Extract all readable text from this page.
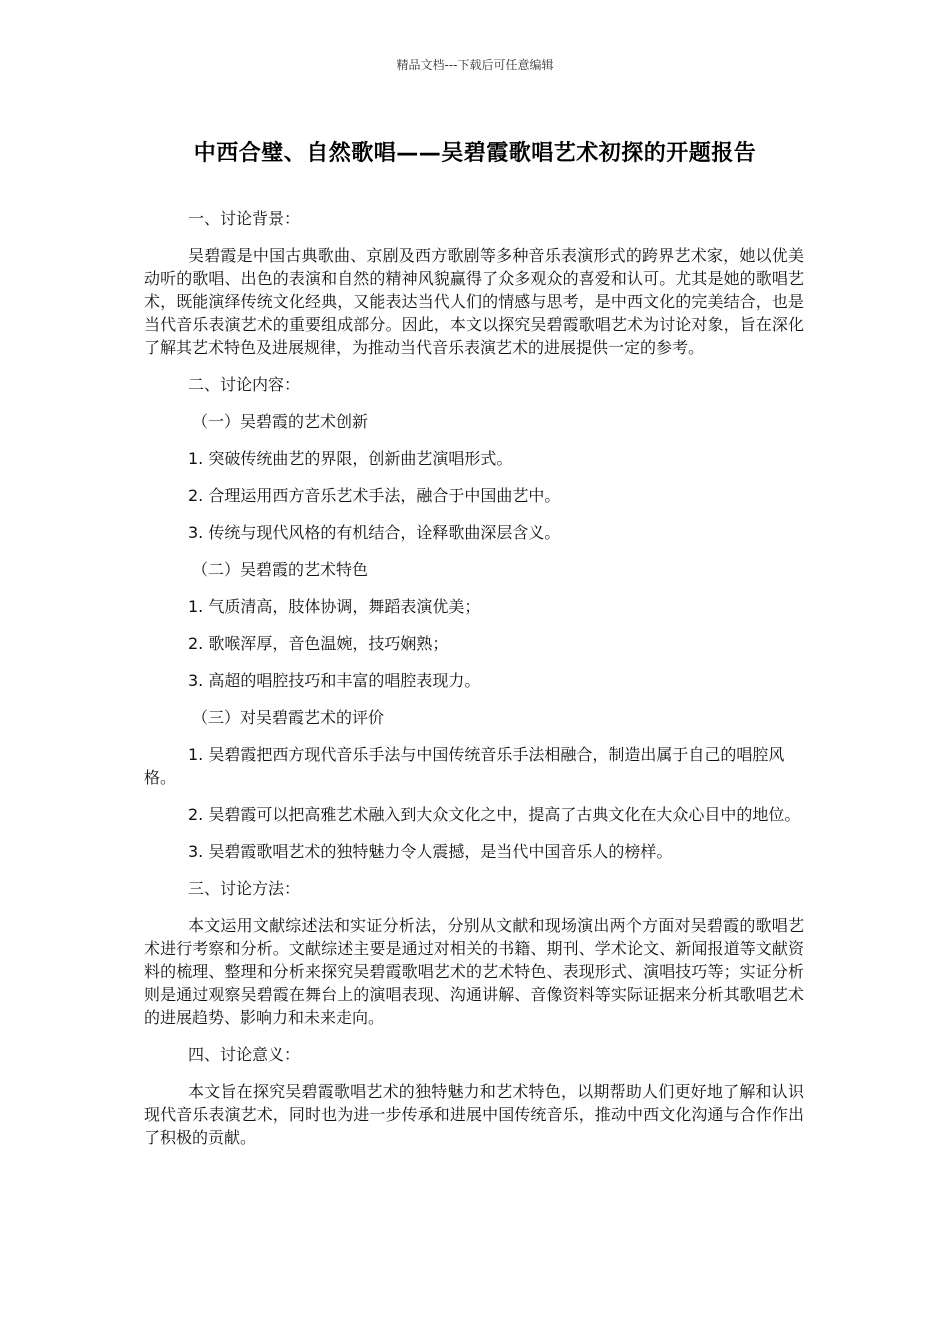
精品文档---下载后可任意编辑
中西合璧、自然歌唱——吴碧霞歌唱艺术初探的开题报告

一、讨论背景：

吴碧霞是中国古典歌曲、京剧及西方歌剧等多种音乐表演形式的跨界艺术家，她以优美动听的歌唱、出色的表演和自然的精神风貌赢得了众多观众的喜爱和认可。尤其是她的歌唱艺术，既能演绎传统文化经典，又能表达当代人们的情感与思考，是中西文化的完美结合，也是当代音乐表演艺术的重要组成部分。因此，本文以探究吴碧霞歌唱艺术为讨论对象，旨在深化了解其艺术特色及进展规律，为推动当代音乐表演艺术的进展提供一定的参考。

二、讨论内容：

（一）吴碧霞的艺术创新

1. 突破传统曲艺的界限，创新曲艺演唱形式。

2. 合理运用西方音乐艺术手法，融合于中国曲艺中。

3. 传统与现代风格的有机结合，诠释歌曲深层含义。

（二）吴碧霞的艺术特色

1. 气质清高，肢体协调，舞蹈表演优美；

2. 歌喉浑厚，音色温婉，技巧娴熟；

3. 高超的唱腔技巧和丰富的唱腔表现力。

（三）对吴碧霞艺术的评价

1. 吴碧霞把西方现代音乐手法与中国传统音乐手法相融合，制造出属于自己的唱腔风格。

2. 吴碧霞可以把高雅艺术融入到大众文化之中，提高了古典文化在大众心目中的地位。

3. 吴碧霞歌唱艺术的独特魅力令人震撼，是当代中国音乐人的榜样。

三、讨论方法：

本文运用文献综述法和实证分析法，分别从文献和现场演出两个方面对吴碧霞的歌唱艺术进行考察和分析。文献综述主要是通过对相关的书籍、期刊、学术论文、新闻报道等文献资料的梳理、整理和分析来探究吴碧霞歌唱艺术的艺术特色、表现形式、演唱技巧等；实证分析则是通过观察吴碧霞在舞台上的演唱表现、沟通讲解、音像资料等实际证据来分析其歌唱艺术的进展趋势、影响力和未来走向。

四、讨论意义：

本文旨在探究吴碧霞歌唱艺术的独特魅力和艺术特色，以期帮助人们更好地了解和认识现代音乐表演艺术，同时也为进一步传承和进展中国传统音乐，推动中西文化沟通与合作作出了积极的贡献。
